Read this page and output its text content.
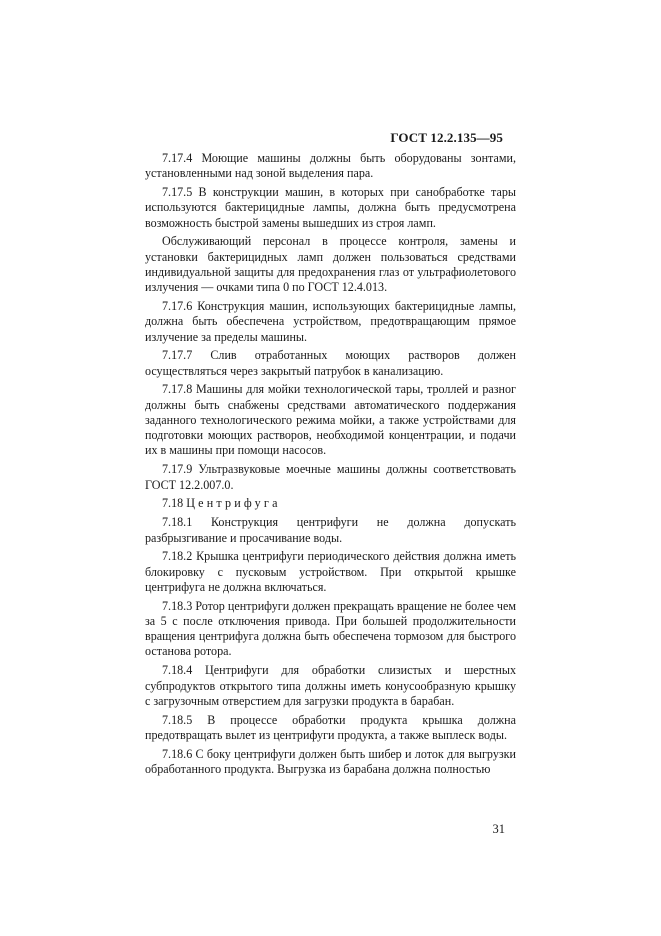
ГОСТ 12.2.135—95

7.17.4 Моющие машины должны быть оборудованы зонтами, установленными над зоной выделения пара.

7.17.5 В конструкции машин, в которых при санобработке тары используются бактерицидные лампы, должна быть предусмотрена возможность быстрой замены вышедших из строя ламп.

Обслуживающий персонал в процессе контроля, замены и установки бактерицидных ламп должен пользоваться средствами индивидуальной защиты для предохранения глаз от ультрафиолетового излучения — очками типа 0 по ГОСТ 12.4.013.

7.17.6 Конструкция машин, использующих бактерицидные лампы, должна быть обеспечена устройством, предотвращающим прямое излучение за пределы машины.

7.17.7 Слив отработанных моющих растворов должен осуществляться через закрытый патрубок в канализацию.

7.17.8 Машины для мойки технологической тары, троллей и разног должны быть снабжены средствами автоматического поддержания заданного технологического режима мойки, а также устройствами для подготовки моющих растворов, необходимой концентрации, и подачи их в машины при помощи насосов.

7.17.9 Ультразвуковые моечные машины должны соответствовать ГОСТ 12.2.007.0.

7.18 Центрифуга

7.18.1 Конструкция центрифуги не должна допускать разбрызгивание и просачивание воды.

7.18.2 Крышка центрифуги периодического действия должна иметь блокировку с пусковым устройством. При открытой крышке центрифуга не должна включаться.

7.18.3 Ротор центрифуги должен прекращать вращение не более чем за 5 с после отключения привода. При большей продолжительности вращения центрифуга должна быть обеспечена тормозом для быстрого останова ротора.

7.18.4 Центрифуги для обработки слизистых и шерстных субпродуктов открытого типа должны иметь конусообразную крышку с загрузочным отверстием для загрузки продукта в барабан.

7.18.5 В процессе обработки продукта крышка должна предотвращать вылет из центрифуги продукта, а также выплеск воды.

7.18.6 С боку центрифуги должен быть шибер и лоток для выгрузки обработанного продукта. Выгрузка из барабана должна полностью

31
